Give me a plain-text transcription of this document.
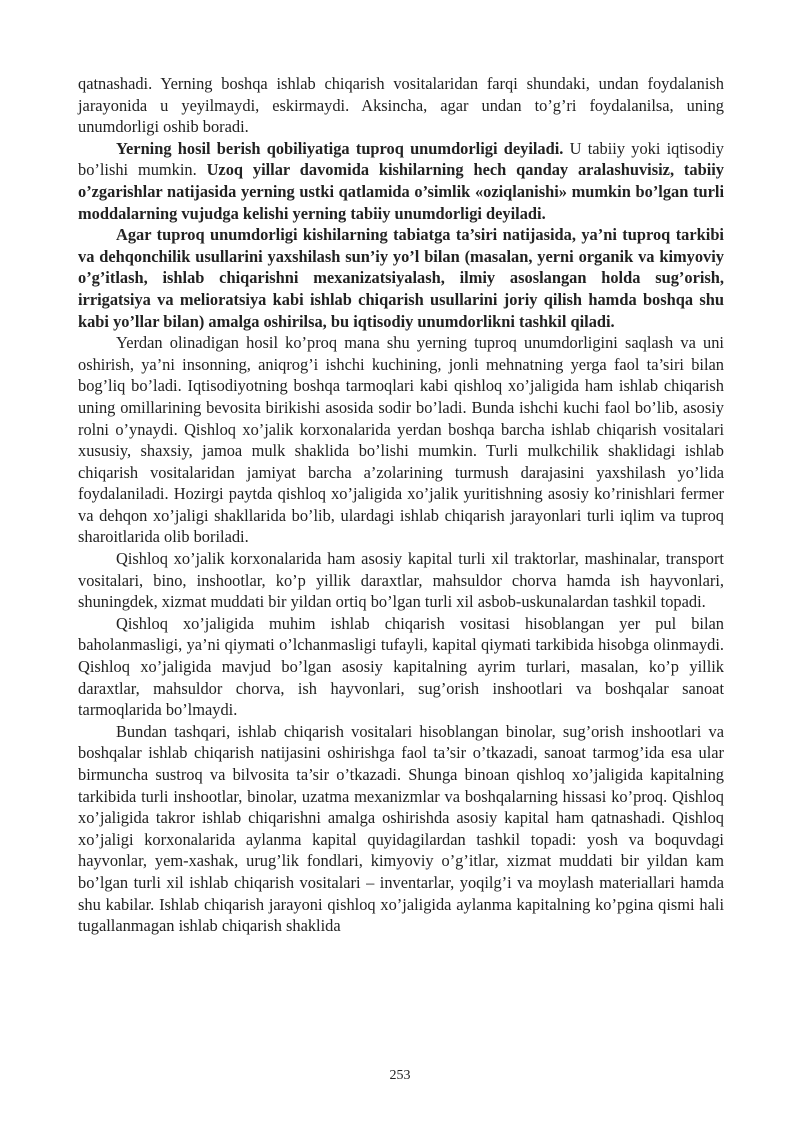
qatnashadi. Yerning boshqa ishlab chiqarish vositalaridan farqi shundaki, undan foydalanish jarayonida u yeyilmaydi, eskirmaydi. Aksincha, agar undan to’g’ri foydalanilsa, uning unumdorligi oshib boradi.

Yerning hosil berish qobiliyatiga tuproq unumdorligi deyiladi. U tabiiy yoki iqtisodiy bo’lishi mumkin. Uzoq yillar davomida kishilarning hech qanday aralashuvisiz, tabiiy o’zgarishlar natijasida yerning ustki qatlamida o’simlik «oziqlanishi» mumkin bo’lgan turli moddalarning vujudga kelishi yerning tabiiy unumdorligi deyiladi.

Agar tuproq unumdorligi kishilarning tabiatga ta’siri natijasida, ya’ni tuproq tarkibi va dehqonchilik usullarini yaxshilash sun’iy yo’l bilan (masalan, yerni organik va kimyoviy o’g’itlash, ishlab chiqarishni mexanizatsiyalash, ilmiy asoslangan holda sug’orish, irrigatsiya va melioratsiya kabi ishlab chiqarish usullarini joriy qilish hamda boshqa shu kabi yo’llar bilan) amalga oshirilsa, bu iqtisodiy unumdorlikni tashkil qiladi.

Yerdan olinadigan hosil ko’proq mana shu yerning tuproq unumdorligini saqlash va uni oshirish, ya’ni insonning, aniqrog’i ishchi kuchining, jonli mehnatning yerga faol ta’siri bilan bog’liq bo’ladi. Iqtisodiyotning boshqa tarmoqlari kabi qishloq xo’jaligida ham ishlab chiqarish uning omillarining bevosita birikishi asosida sodir bo’ladi. Bunda ishchi kuchi faol bo’lib, asosiy rolni o’ynaydi. Qishloq xo’jalik korxonalarida yerdan boshqa barcha ishlab chiqarish vositalari xususiy, shaxsiy, jamoa mulk shaklida bo’lishi mumkin. Turli mulkchilik shaklidagi ishlab chiqarish vositalaridan jamiyat barcha a’zolarining turmush darajasini yaxshilash yo’lida foydalaniladi. Hozirgi paytda qishloq xo’jaligida xo’jalik yuritishning asosiy ko’rinishlari fermer va dehqon xo’jaligi shakllarida bo’lib, ulardagi ishlab chiqarish jarayonlari turli iqlim va tuproq sharoitlarida olib boriladi.

Qishloq xo’jalik korxonalarida ham asosiy kapital turli xil traktorlar, mashinalar, transport vositalari, bino, inshootlar, ko’p yillik daraxtlar, mahsuldor chorva hamda ish hayvonlari, shuningdek, xizmat muddati bir yildan ortiq bo’lgan turli xil asbob-uskunalardan tashkil topadi.

Qishloq xo’jaligida muhim ishlab chiqarish vositasi hisoblangan yer pul bilan baholanmasligi, ya’ni qiymati o’lchanmasligi tufayli, kapital qiymati tarkibida hisobga olinmaydi. Qishloq xo’jaligida mavjud bo’lgan asosiy kapitalning ayrim turlari, masalan, ko’p yillik daraxtlar, mahsuldor chorva, ish hayvonlari, sug’orish inshootlari va boshqalar sanoat tarmoqlarida bo’lmaydi.

Bundan tashqari, ishlab chiqarish vositalari hisoblangan binolar, sug’orish inshootlari va boshqalar ishlab chiqarish natijasini oshirishga faol ta’sir o’tkazadi, sanoat tarmog’ida esa ular birmuncha sustroq va bilvosita ta’sir o’tkazadi. Shunga binoan qishloq xo’jaligida kapitalning tarkibida turli inshootlar, binolar, uzatma mexanizmlar va boshqalarning hissasi ko’proq. Qishloq xo’jaligida takror ishlab chiqarishni amalga oshirishda asosiy kapital ham qatnashadi. Qishloq xo’jaligi korxonalarida aylanma kapital quyidagilardan tashkil topadi: yosh va boquvdagi hayvonlar, yem-xashak, urug’lik fondlari, kimyoviy o’g’itlar, xizmat muddati bir yildan kam bo’lgan turli xil ishlab chiqarish vositalari – inventarlar, yoqilg’i va moylash materiallari hamda shu kabilar. Ishlab chiqarish jarayoni qishloq xo’jaligida aylanma kapitalning ko’pgina qismi hali tugallanmagan ishlab chiqarish shaklida

253
